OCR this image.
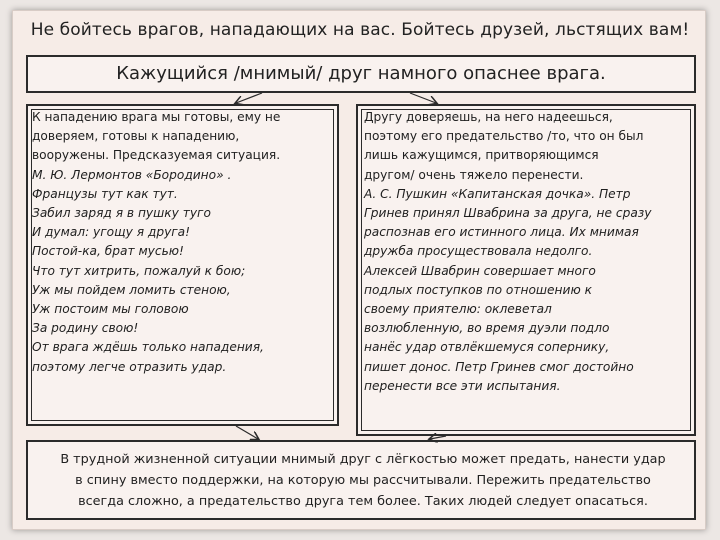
Не бойтесь врагов, нападающих на вас. Бойтесь друзей, льстящих вам!
Кажущийся /мнимый/ друг намного опаснее врага.
К нападению врага мы готовы, ему не
доверяем, готовы к нападению,
вооружены. Предсказуемая ситуация.
М. Ю. Лермонтов «Бородино» .
Французы тут как тут.
Забил заряд я в пушку туго
И думал: угощу я друга!
Постой-ка, брат мусью!
Что тут хитрить, пожалуй к бою;
Уж мы пойдем ломить стеною,
Уж постоим мы головою
За родину свою!
От врага ждёшь только нападения,
поэтому легче отразить удар.
Другу доверяешь, на него надеешься,
поэтому его предательство /то, что он был
лишь кажущимся, притворяющимся
другом/ очень тяжело перенести.
А. С. Пушкин «Капитанская дочка». Петр
Гринев принял Швабрина за друга, не сразу
распознав его истинного лица. Их мнимая
дружба просуществовала недолго.
Алексей Швабрин совершает много
подлых поступков по отношению к
своему приятелю: оклеветал
возлюбленную, во время дуэли подло
нанёс удар отвлёкшемуся сопернику,
пишет донос. Петр Гринев смог достойно
перенести все эти испытания.
В трудной жизненной ситуации мнимый друг с лёгкостью может предать, нанести удар
в спину вместо поддержки, на которую мы рассчитывали. Пережить предательство
всегда сложно, а предательство друга тем более. Таких людей следует опасаться.
